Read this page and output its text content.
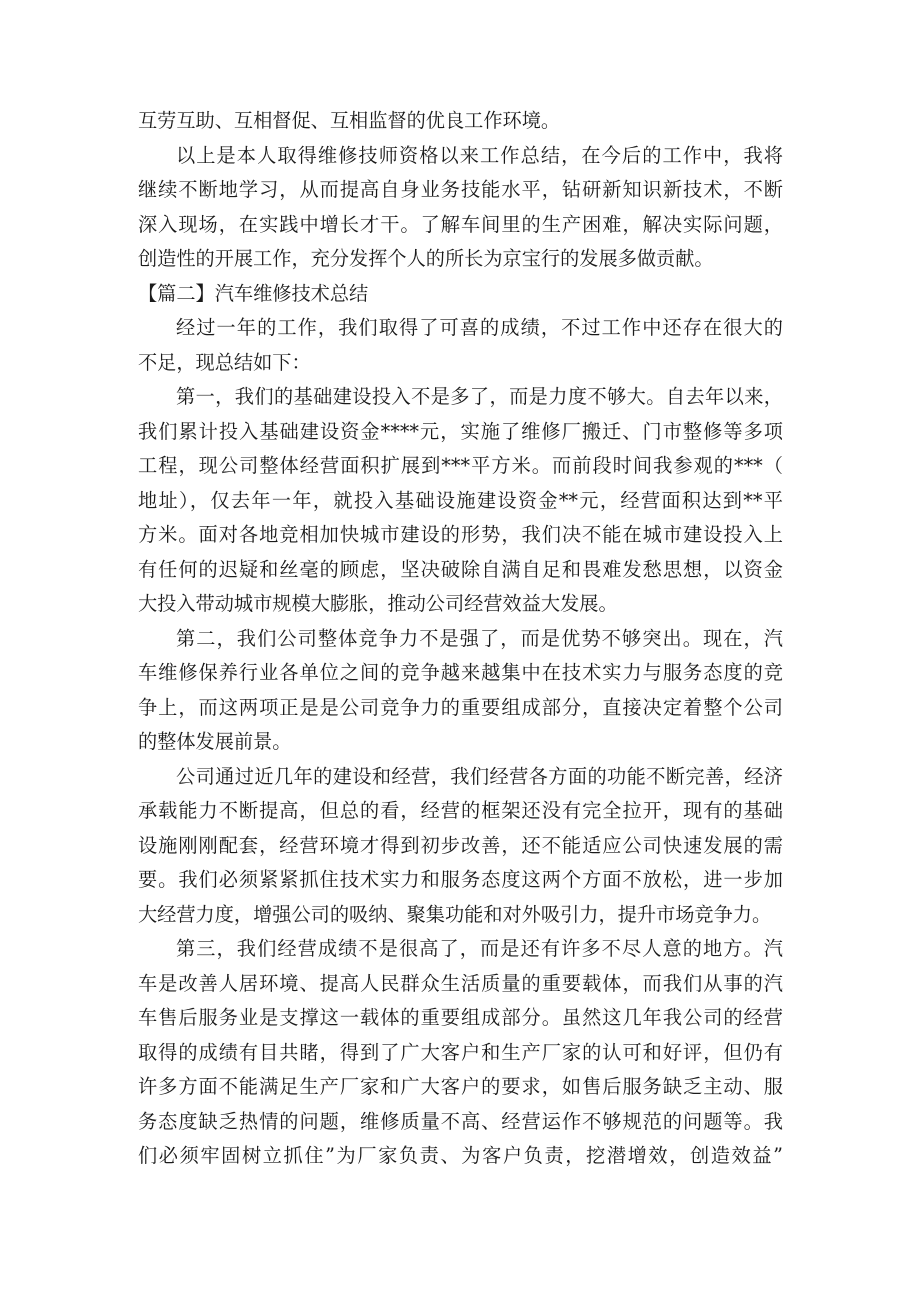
互劳互助、互相督促、互相监督的优良工作环境。
以上是本人取得维修技师资格以来工作总结，在今后的工作中，我将
继续不断地学习，从而提高自身业务技能水平，钻研新知识新技术，不断
深入现场，在实践中增长才干。了解车间里的生产困难，解决实际问题，
创造性的开展工作，充分发挥个人的所长为京宝行的发展多做贡献。
【篇二】汽车维修技术总结
经过一年的工作，我们取得了可喜的成绩，不过工作中还存在很大的
不足，现总结如下：
第一，我们的基础建设投入不是多了，而是力度不够大。自去年以来，
我们累计投入基础建设资金****元，实施了维修厂搬迁、门市整修等多项
工程，现公司整体经营面积扩展到***平方米。而前段时间我参观的***（
地址），仅去年一年，就投入基础设施建设资金**元，经营面积达到**平
方米。面对各地竞相加快城市建设的形势，我们决不能在城市建设投入上
有任何的迟疑和丝毫的顾虑，坚决破除自满自足和畏难发愁思想，以资金
大投入带动城市规模大膨胀，推动公司经营效益大发展。
第二，我们公司整体竞争力不是强了，而是优势不够突出。现在，汽
车维修保养行业各单位之间的竞争越来越集中在技术实力与服务态度的竞
争上，而这两项正是是公司竞争力的重要组成部分，直接决定着整个公司
的整体发展前景。
公司通过近几年的建设和经营，我们经营各方面的功能不断完善，经济
承载能力不断提高，但总的看，经营的框架还没有完全拉开，现有的基础
设施刚刚配套，经营环境才得到初步改善，还不能适应公司快速发展的需
要。我们必须紧紧抓住技术实力和服务态度这两个方面不放松，进一步加
大经营力度，增强公司的吸纳、聚集功能和对外吸引力，提升市场竞争力。
第三，我们经营成绩不是很高了，而是还有许多不尽人意的地方。汽
车是改善人居环境、提高人民群众生活质量的重要载体，而我们从事的汽
车售后服务业是支撑这一载体的重要组成部分。虽然这几年我公司的经营
取得的成绩有目共睹，得到了广大客户和生产厂家的认可和好评，但仍有
许多方面不能满足生产厂家和广大客户的要求，如售后服务缺乏主动、服
务态度缺乏热情的问题，维修质量不高、经营运作不够规范的问题等。我
们必须牢固树立抓住”为厂家负责、为客户负责，挖潜增效，创造效益”
